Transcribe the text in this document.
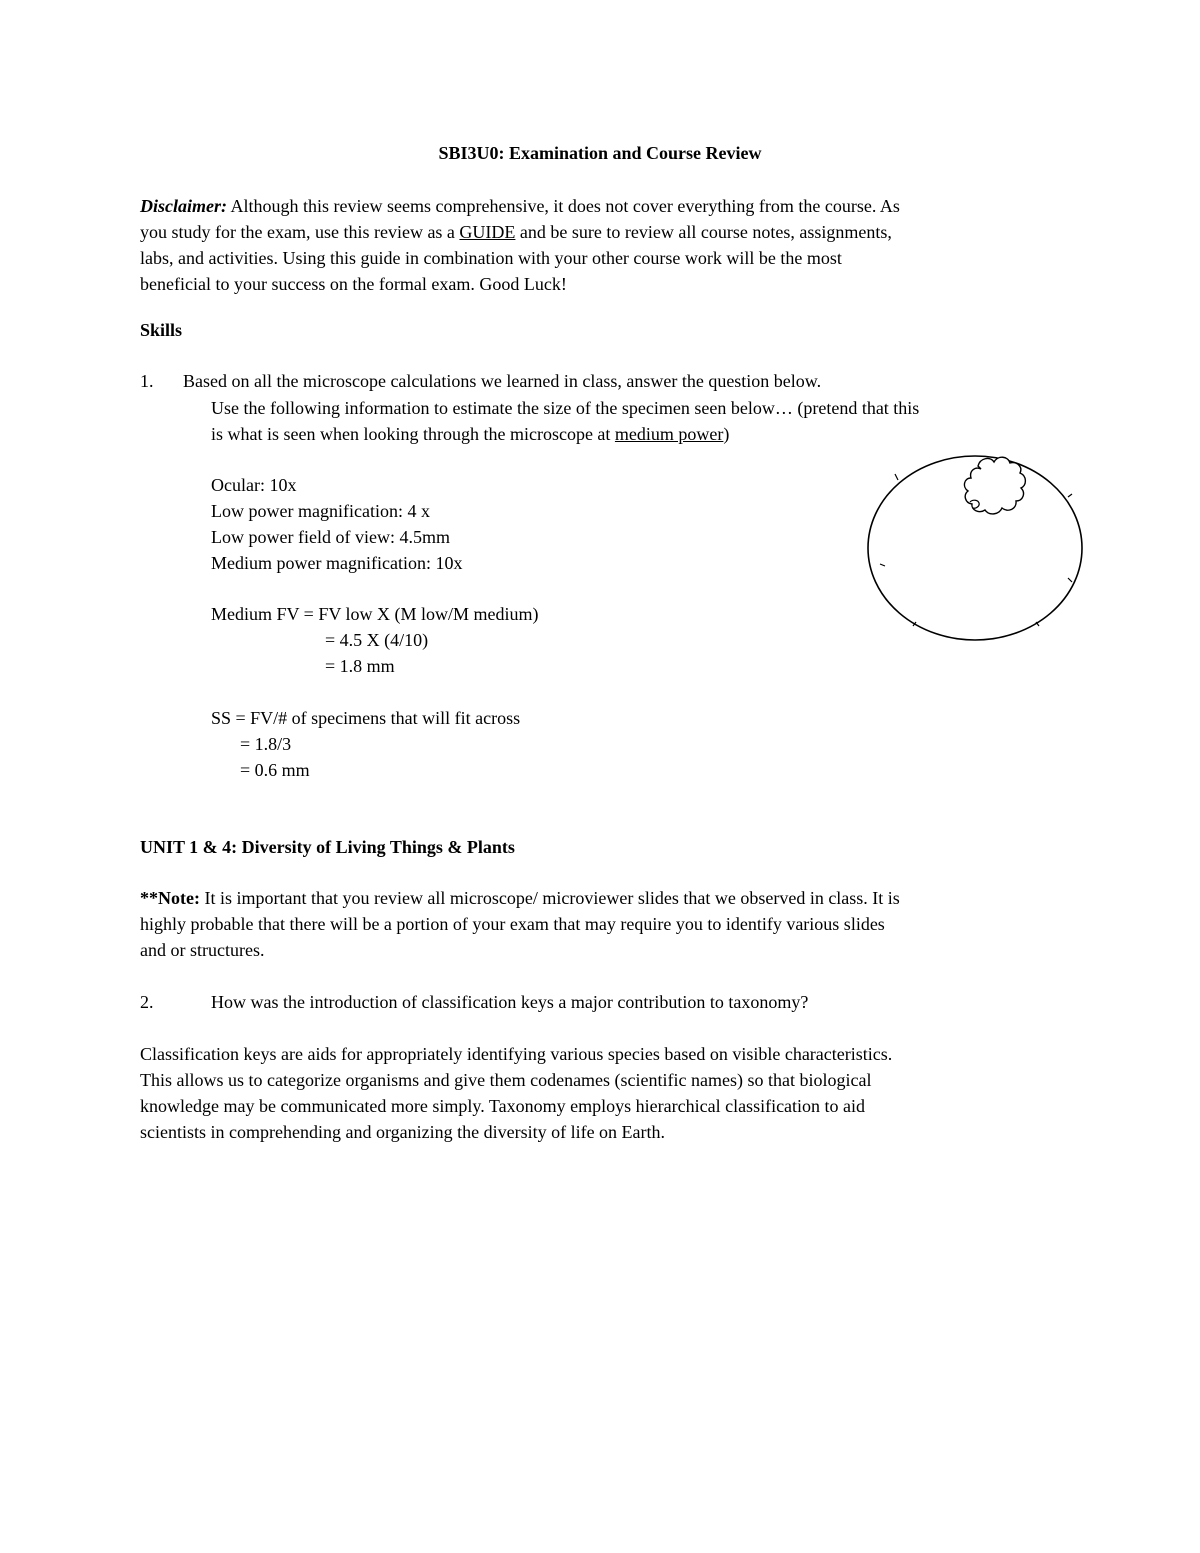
SBI3U0: Examination and Course Review
Disclaimer: Although this review seems comprehensive, it does not cover everything from the course. As
you study for the exam, use this review as a GUIDE and be sure to review all course notes, assignments,
labs, and activities. Using this guide in combination with your other course work will be the most
beneficial to your success on the formal exam. Good Luck!
Skills
1. Based on all the microscope calculations we learned in class, answer the question below.
Use the following information to estimate the size of the specimen seen below… (pretend that this
is what is seen when looking through the microscope at medium power)
Ocular: 10x
Low power magnification: 4 x
Low power field of view: 4.5mm
Medium power magnification: 10x
Medium FV = FV low X (M low/M medium)
= 4.5 X (4/10)
= 1.8 mm
SS = FV/# of specimens that will fit across
= 1.8/3
= 0.6 mm
UNIT 1 & 4: Diversity of Living Things & Plants
**Note: It is important that you review all microscope/ microviewer slides that we observed in class. It is
highly probable that there will be a portion of your exam that may require you to identify various slides
and or structures.
2.	How was the introduction of classification keys a major contribution to taxonomy?
Classification keys are aids for appropriately identifying various species based on visible characteristics.
This allows us to categorize organisms and give them codenames (scientific names) so that biological
knowledge may be communicated more simply. Taxonomy employs hierarchical classification to aid
scientists in comprehending and organizing the diversity of life on Earth.
